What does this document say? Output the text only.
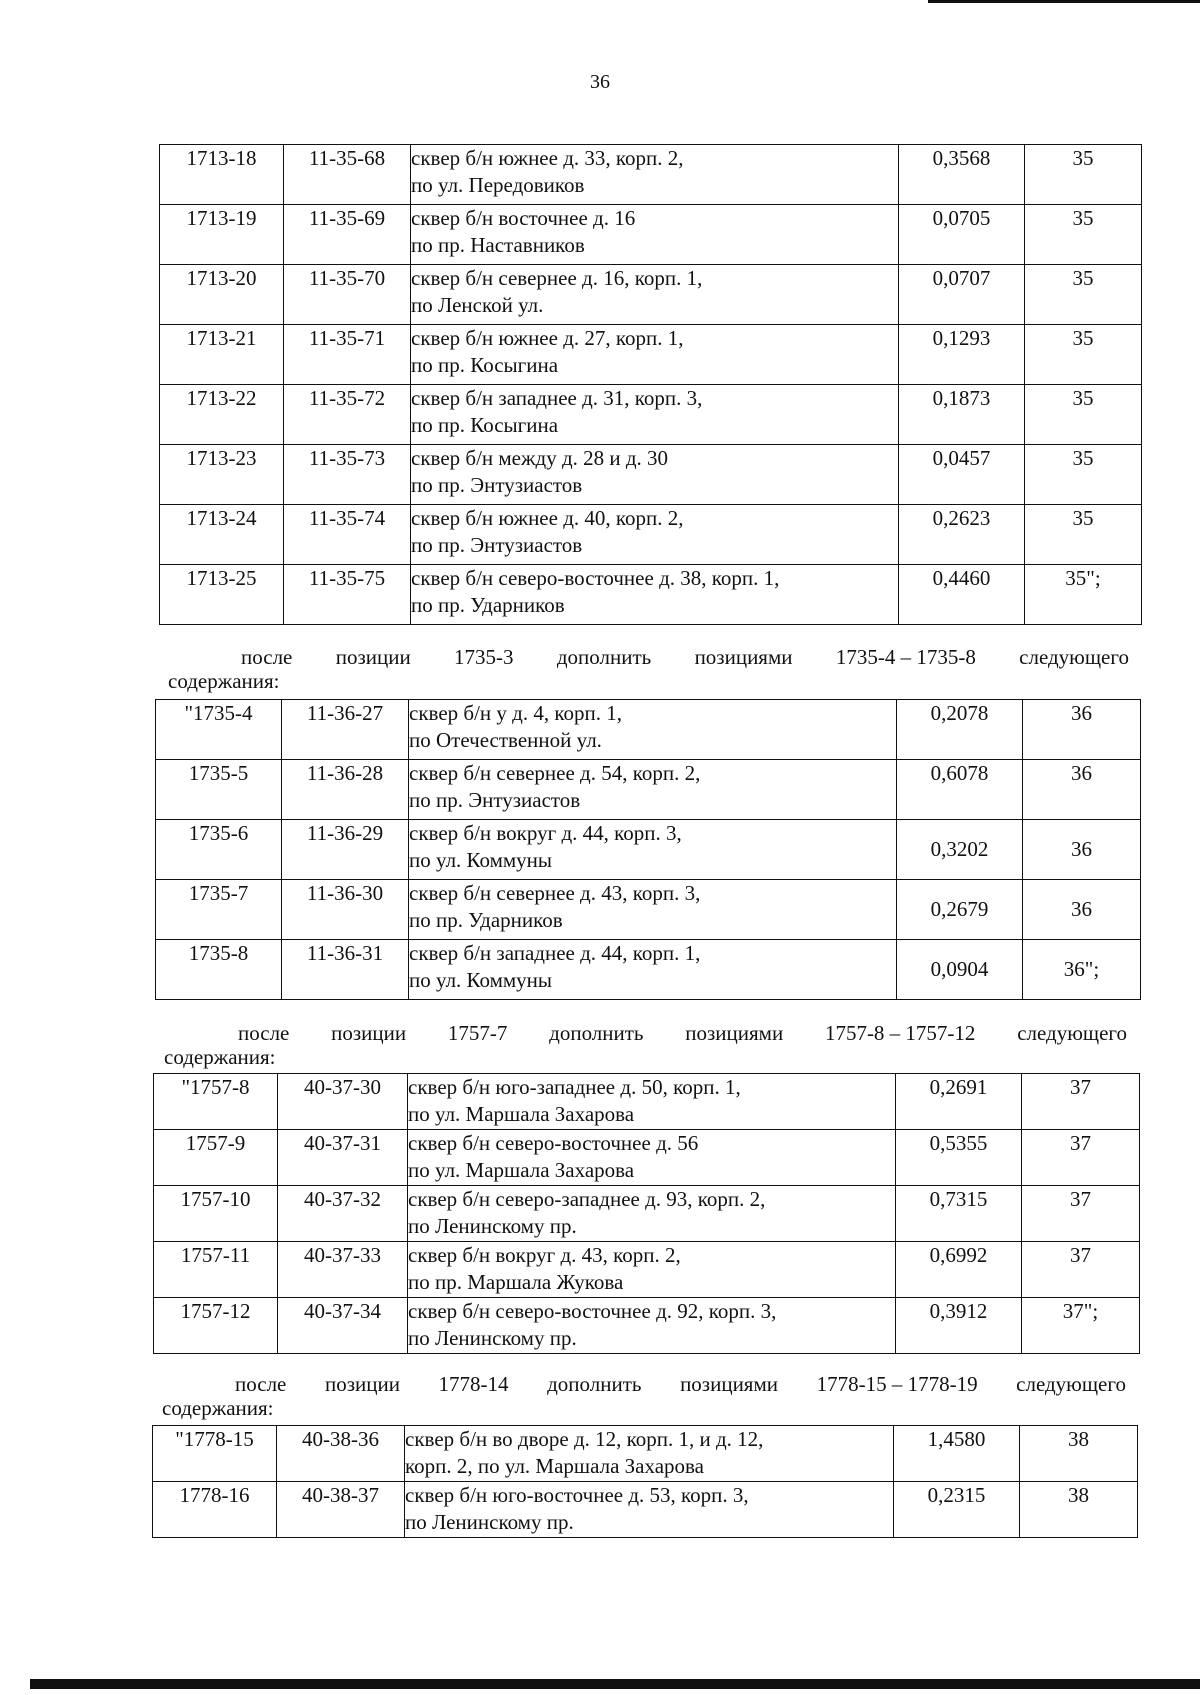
36
1713-18	11-35-68	сквер б/н южнее д. 33, корп. 2,
по ул. Передовиков	0,3568	35
1713-19	11-35-69	сквер б/н восточнее д. 16
по пр. Наставников	0,0705	35
1713-20	11-35-70	сквер б/н севернее д. 16, корп. 1,
по Ленской ул.	0,0707	35
1713-21	11-35-71	сквер б/н южнее д. 27, корп. 1,
по пр. Косыгина	0,1293	35
1713-22	11-35-72	сквер б/н западнее д. 31, корп. 3,
по пр. Косыгина	0,1873	35
1713-23	11-35-73	сквер б/н между д. 28 и д. 30
по пр. Энтузиастов	0,0457	35
1713-24	11-35-74	сквер б/н южнее д. 40, корп. 2,
по пр. Энтузиастов	0,2623	35
1713-25	11-35-75	сквер б/н северо-восточнее д. 38, корп. 1,
по пр. Ударников	0,4460	35";
после позиции 1735-3 дополнить позициями 1735-4 – 1735-8 следующего
содержания:
"1735-4	11-36-27	сквер б/н у д. 4, корп. 1,
по Отечественной ул.	0,2078	36
1735-5	11-36-28	сквер б/н севернее д. 54, корп. 2,
по пр. Энтузиастов	0,6078	36
1735-6	11-36-29	сквер б/н вокруг д. 44, корп. 3,
по ул. Коммуны	0,3202	36
1735-7	11-36-30	сквер б/н севернее д. 43, корп. 3,
по пр. Ударников	0,2679	36
1735-8	11-36-31	сквер б/н западнее д. 44, корп. 1,
по ул. Коммуны	0,0904	36";
после позиции 1757-7 дополнить позициями 1757-8 – 1757-12 следующего
содержания:
"1757-8	40-37-30	сквер б/н юго-западнее д. 50, корп. 1,
по ул. Маршала Захарова	0,2691	37
1757-9	40-37-31	сквер б/н северо-восточнее д. 56
по ул. Маршала Захарова	0,5355	37
1757-10	40-37-32	сквер б/н северо-западнее д. 93, корп. 2,
по Ленинскому пр.	0,7315	37
1757-11	40-37-33	сквер б/н вокруг д. 43, корп. 2,
по пр. Маршала Жукова	0,6992	37
1757-12	40-37-34	сквер б/н северо-восточнее д. 92, корп. 3,
по Ленинскому пр.	0,3912	37";
после позиции 1778-14 дополнить позициями 1778-15 – 1778-19 следующего
содержания:
"1778-15	40-38-36	сквер б/н во дворе д. 12, корп. 1, и д. 12,
корп. 2, по ул. Маршала Захарова	1,4580	38
1778-16	40-38-37	сквер б/н юго-восточнее д. 53, корп. 3,
по Ленинскому пр.	0,2315	38
